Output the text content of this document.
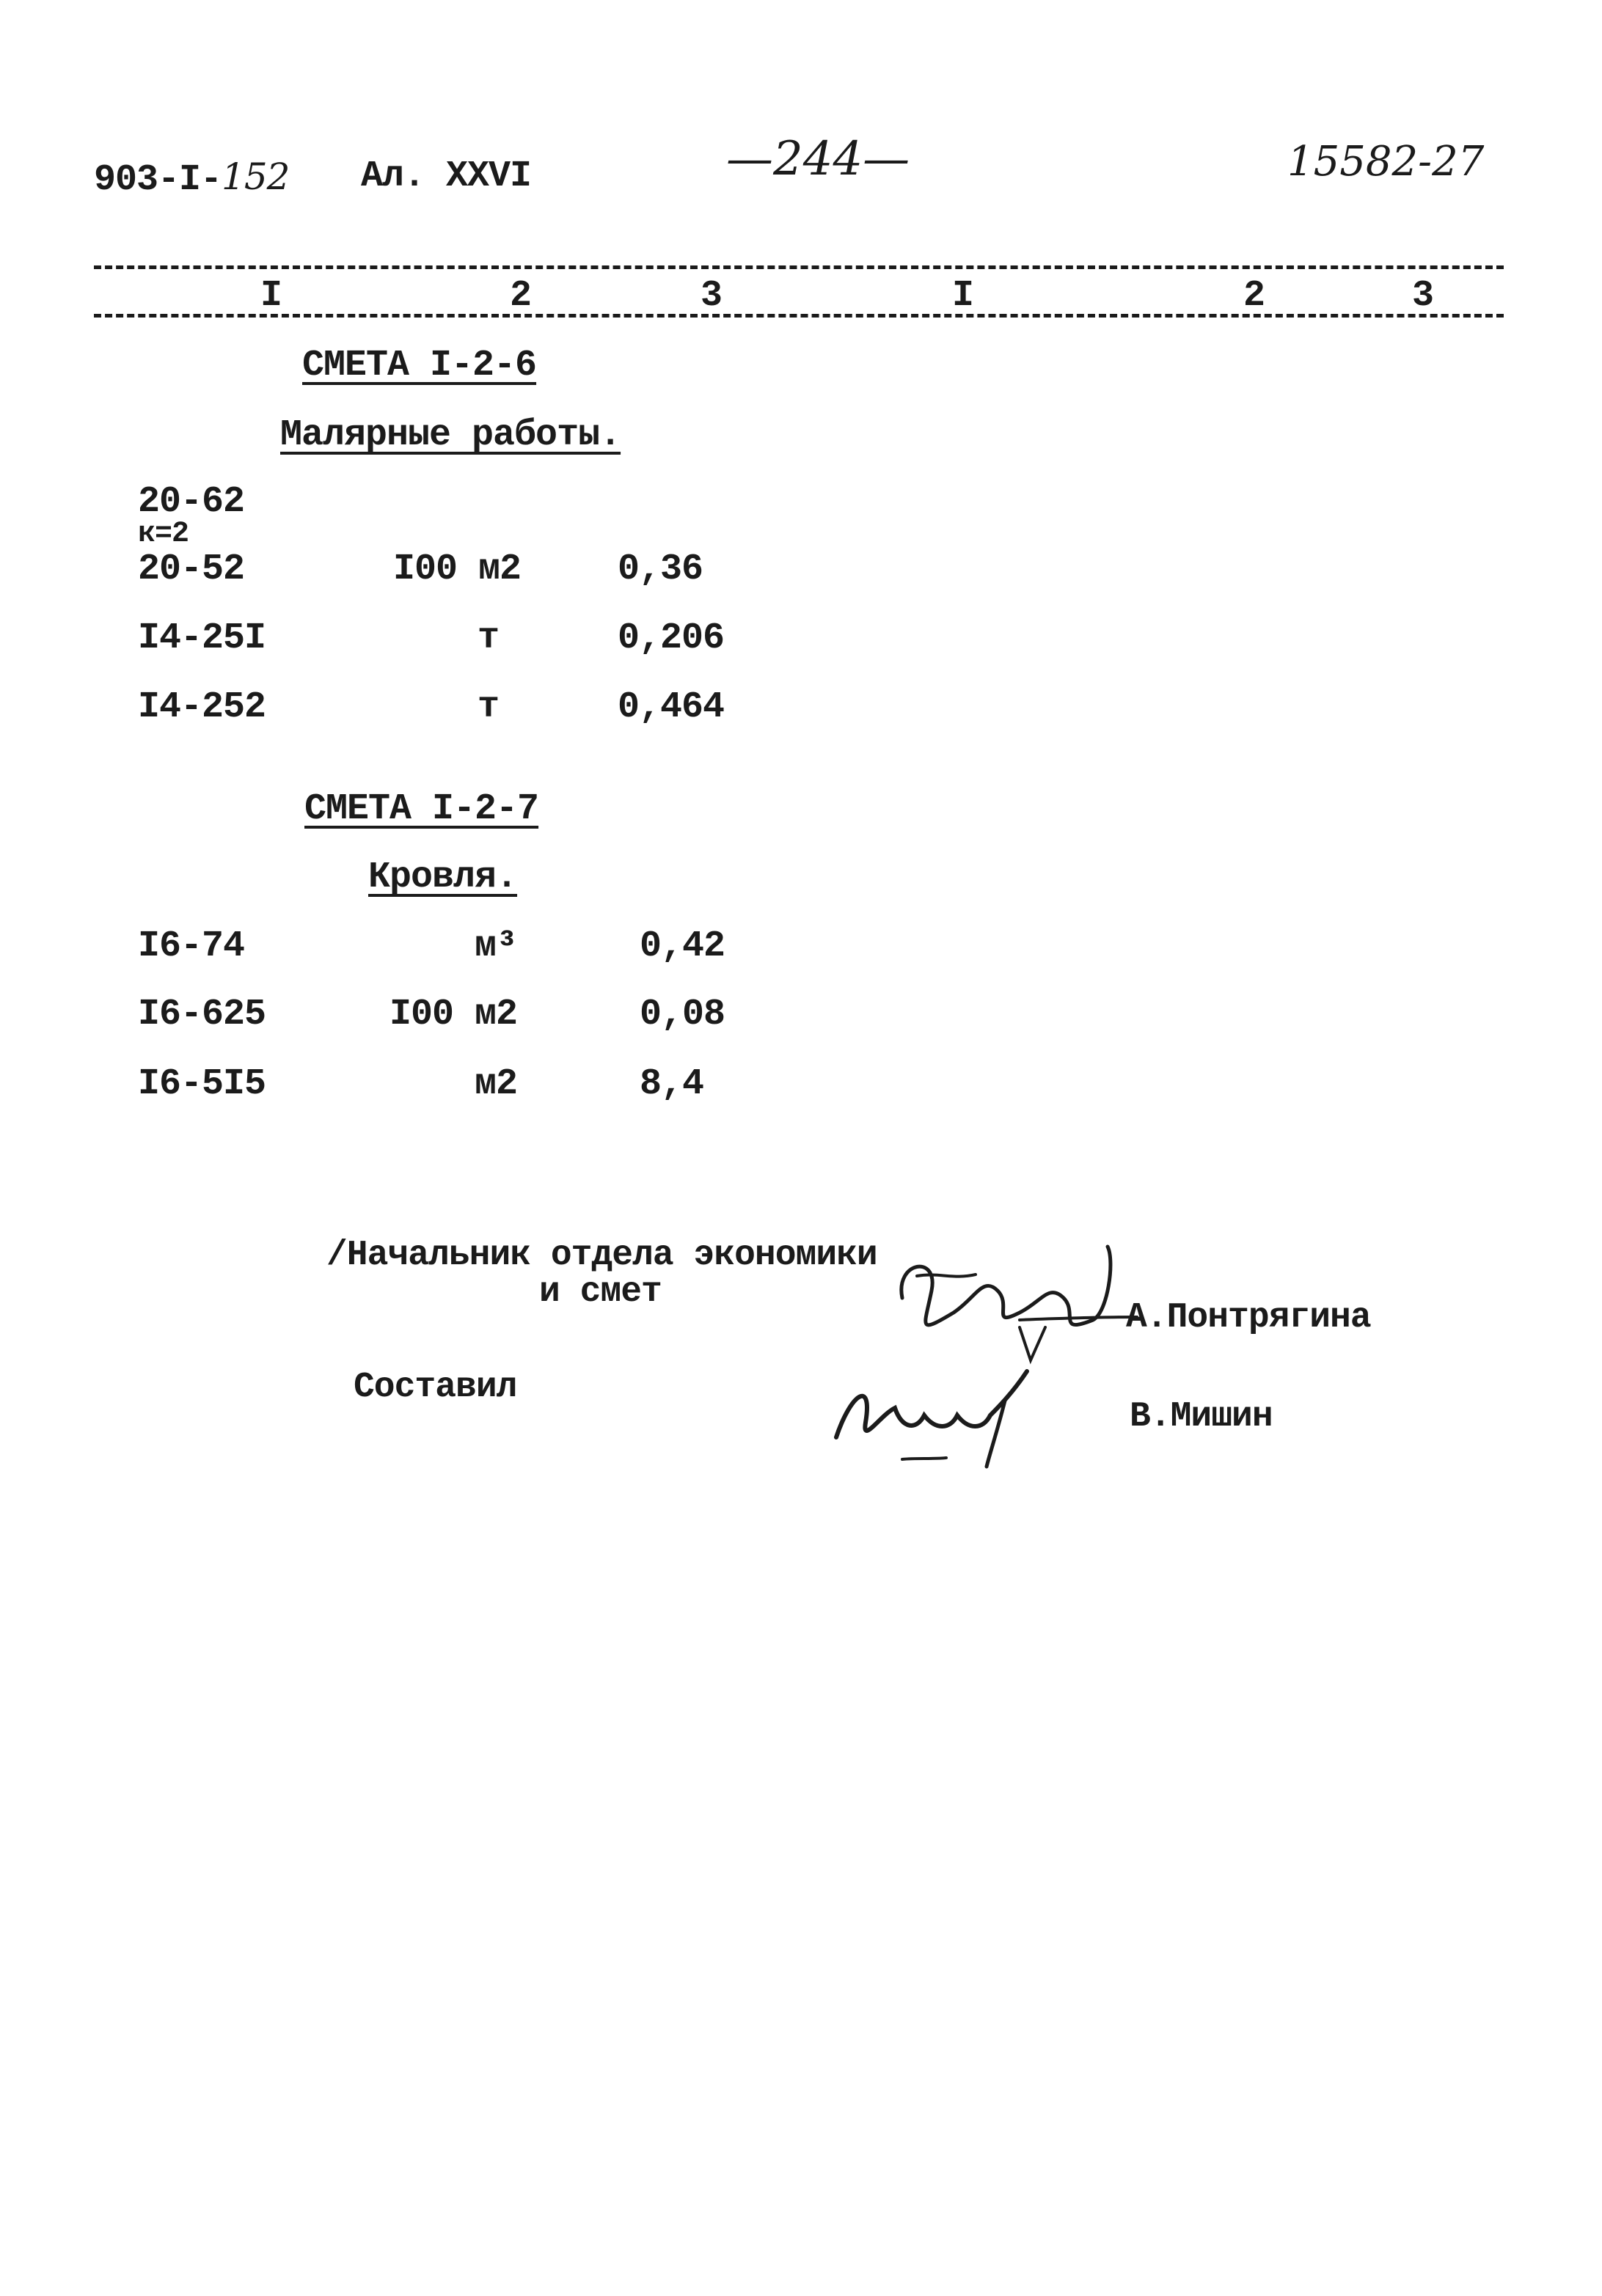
903-I-152 Ал. XXVI	—244—	15582-27
I	2	3	I	2	3
СМЕТА I-2-6
Малярные работы.
20-62
к=2
20-52	I00 м2	0,36
I4-25I	т	0,206
I4-252	т	0,464
СМЕТА I-2-7
Кровля.
I6-74	м³	0,42
I6-625	I00 м2	0,08
I6-5I5	м2	8,4
/Начальник отдела экономики
и смет
А.Понтрягина
Составил
В.Мишин
